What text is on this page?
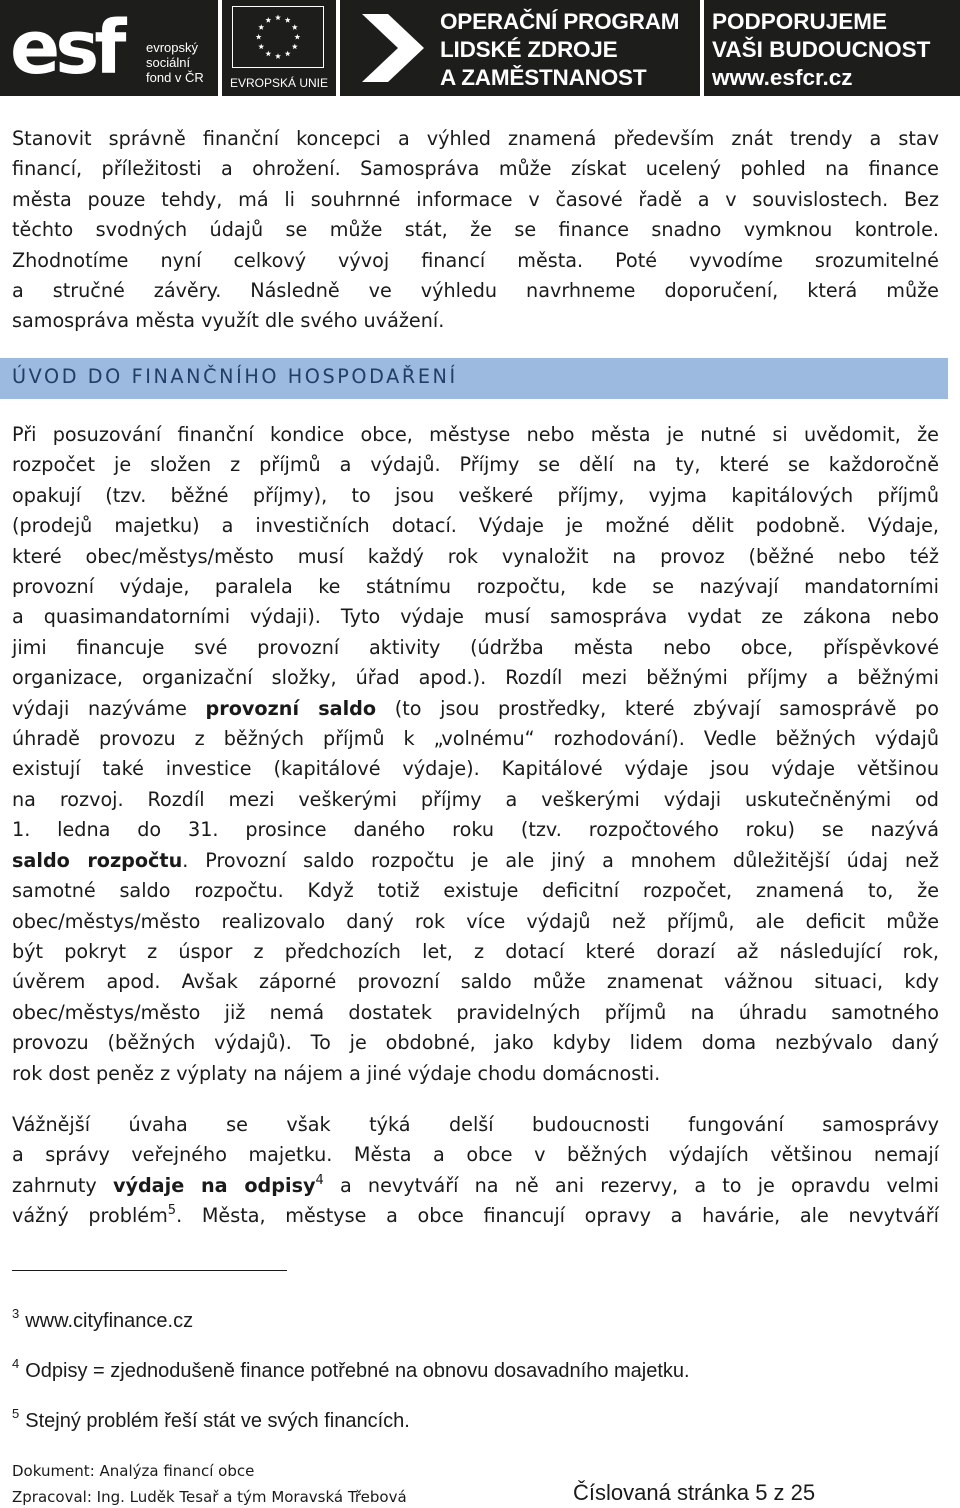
esf evropský
sociální
fond v ČR	EVROPSKÁ UNIE
OPERAČNÍ PROGRAM
LIDSKÉ ZDROJE
A ZAMĚSTNANOST
PODPORUJEME
VAŠI BUDOUCNOST
www.esfcr.cz

Stanovit správně finanční koncepci a výhled znamená především znát trendy a stav
financí, příležitosti a ohrožení. Samospráva může získat ucelený pohled na finance
města pouze tehdy, má li souhrnné informace v časové řadě a v souvislostech. Bez
těchto svodných údajů se může stát, že se finance snadno vymknou kontrole.
Zhodnotíme nyní celkový vývoj financí města. Poté vyvodíme srozumitelné
a stručné závěry. Následně ve výhledu navrhneme doporučení, která může
samospráva města využít dle svého uvážení.

ÚVOD DO FINANČNÍHO HOSPODAŘENÍ

Při posuzování finanční kondice obce, městyse nebo města je nutné si uvědomit, že
rozpočet je složen z příjmů a výdajů. Příjmy se dělí na ty, které se každoročně
opakují (tzv. běžné příjmy), to jsou veškeré příjmy, vyjma kapitálových příjmů
(prodejů majetku) a investičních dotací. Výdaje je možné dělit podobně. Výdaje,
které obec/městys/město musí každý rok vynaložit na provoz (běžné nebo též
provozní výdaje, paralela ke státnímu rozpočtu, kde se nazývají mandatorními
a quasimandatorními výdaji). Tyto výdaje musí samospráva vydat ze zákona nebo
jimi financuje své provozní aktivity (údržba města nebo obce, příspěvkové
organizace, organizační složky, úřad apod.). Rozdíl mezi běžnými příjmy a běžnými
výdaji nazýváme provozní saldo (to jsou prostředky, které zbývají samosprávě po
úhradě provozu z běžných příjmů k „volnému“ rozhodování). Vedle běžných výdajů
existují také investice (kapitálové výdaje). Kapitálové výdaje jsou výdaje většinou
na rozvoj. Rozdíl mezi veškerými příjmy a veškerými výdaji uskutečněnými od
1. ledna do 31. prosince daného roku (tzv. rozpočtového roku) se nazývá
saldo rozpočtu. Provozní saldo rozpočtu je ale jiný a mnohem důležitější údaj než
samotné saldo rozpočtu. Když totiž existuje deficitní rozpočet, znamená to, že
obec/městys/město realizovalo daný rok více výdajů než příjmů, ale deficit může
být pokryt z úspor z předchozích let, z dotací které dorazí až následující rok,
úvěrem apod. Avšak záporné provozní saldo může znamenat vážnou situaci, kdy
obec/městys/město již nemá dostatek pravidelných příjmů na úhradu samotného
provozu (běžných výdajů). To je obdobné, jako kdyby lidem doma nezbývalo daný
rok dost peněz z výplaty na nájem a jiné výdaje chodu domácnosti.

Vážnější úvaha se však týká delší budoucnosti fungování samosprávy
a správy veřejného majetku. Města a obce v běžných výdajích většinou nemají
zahrnuty výdaje na odpisy$^4$ a nevytváří na ně ani rezervy, a to je opravdu velmi
vážný problém$^5$. Města, městyse a obce financují opravy a havárie, ale nevytváří

$^3$ www.cityfinance.cz
$^4$ Odpisy = zjednodušeně finance potřebné na obnovu dosavadního majetku.
$^5$ Stejný problém řeší stát ve svých financích.
Dokument: Analýza financí obce
Zpracoval: Ing. Luděk Tesař a tým Moravská Třebová	Číslovaná stránka 5 z 25
